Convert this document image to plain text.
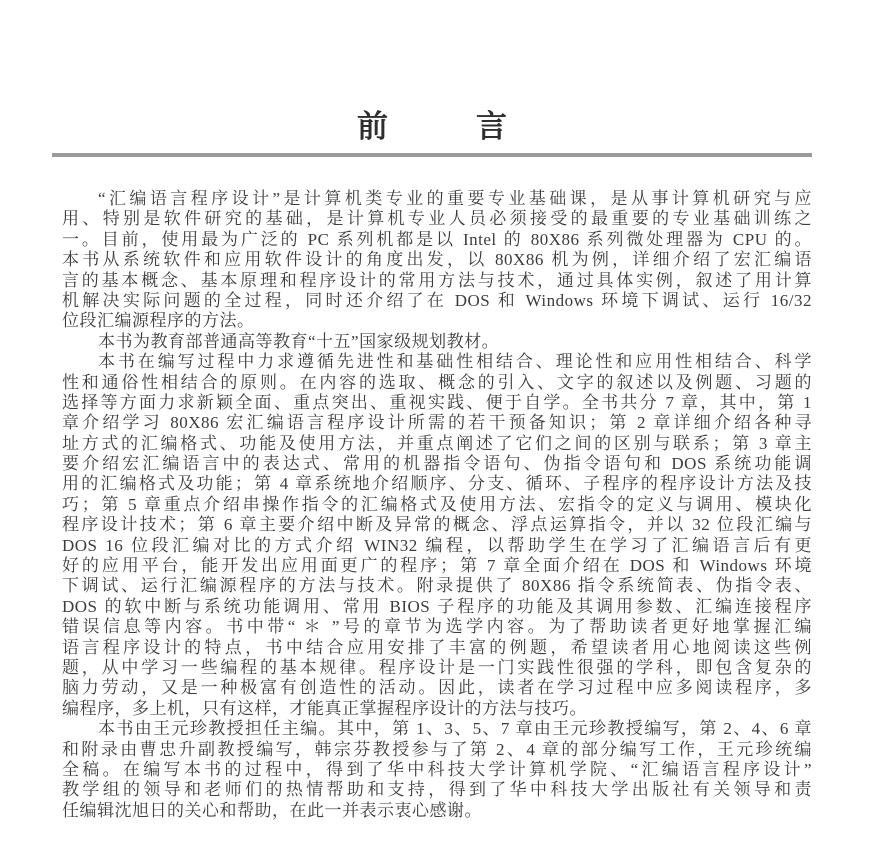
前	言
“汇编语言程序设计”是计算机类专业的重要专业基础课，是从事计算机研究与应
用、特别是软件研究的基础，是计算机专业人员必须接受的最重要的专业基础训练之
一。目前，使用最为广泛的 PC 系列机都是以 Intel 的 80X86 系列微处理器为 CPU 的。
本书从系统软件和应用软件设计的角度出发，以 80X86 机为例，详细介绍了宏汇编语
言的基本概念、基本原理和程序设计的常用方法与技术，通过具体实例，叙述了用计算
机解决实际问题的全过程，同时还介绍了在 DOS 和 Windows 环境下调试、运行 16/32
位段汇编源程序的方法。
本书为教育部普通高等教育“十五”国家级规划教材。
本书在编写过程中力求遵循先进性和基础性相结合、理论性和应用性相结合、科学
性和通俗性相结合的原则。在内容的选取、概念的引入、文字的叙述以及例题、习题的
选择等方面力求新颖全面、重点突出、重视实践、便于自学。全书共分 7 章，其中，第 1
章介绍学习 80X86 宏汇编语言程序设计所需的若干预备知识；第 2 章详细介绍各种寻
址方式的汇编格式、功能及使用方法，并重点阐述了它们之间的区别与联系；第 3 章主
要介绍宏汇编语言中的表达式、常用的机器指令语句、伪指令语句和 DOS 系统功能调
用的汇编格式及功能；第 4 章系统地介绍顺序、分支、循环、子程序的程序设计方法及技
巧；第 5 章重点介绍串操作指令的汇编格式及使用方法、宏指令的定义与调用、模块化
程序设计技术；第 6 章主要介绍中断及异常的概念、浮点运算指令，并以 32 位段汇编与
DOS 16 位段汇编对比的方式介绍 WIN32 编程，以帮助学生在学习了汇编语言后有更
好的应用平台，能开发出应用面更广的程序；第 7 章全面介绍在 DOS 和 Windows 环境
下调试、运行汇编源程序的方法与技术。附录提供了 80X86 指令系统简表、伪指令表、
DOS 的软中断与系统功能调用、常用 BIOS 子程序的功能及其调用参数、汇编连接程序
错误信息等内容。书中带“ ＊ ”号的章节为选学内容。为了帮助读者更好地掌握汇编
语言程序设计的特点，书中结合应用安排了丰富的例题，希望读者用心地阅读这些例
题，从中学习一些编程的基本规律。程序设计是一门实践性很强的学科，即包含复杂的
脑力劳动，又是一种极富有创造性的活动。因此，读者在学习过程中应多阅读程序，多
编程序，多上机，只有这样，才能真正掌握程序设计的方法与技巧。
本书由王元珍教授担任主编。其中，第 1、3、5、7 章由王元珍教授编写，第 2、4、6 章
和附录由曹忠升副教授编写，韩宗芬教授参与了第 2、4 章的部分编写工作，王元珍统编
全稿。在编写本书的过程中，得到了华中科技大学计算机学院、“汇编语言程序设计”
教学组的领导和老师们的热情帮助和支持，得到了华中科技大学出版社有关领导和责
任编辑沈旭日的关心和帮助，在此一并表示衷心感谢。
